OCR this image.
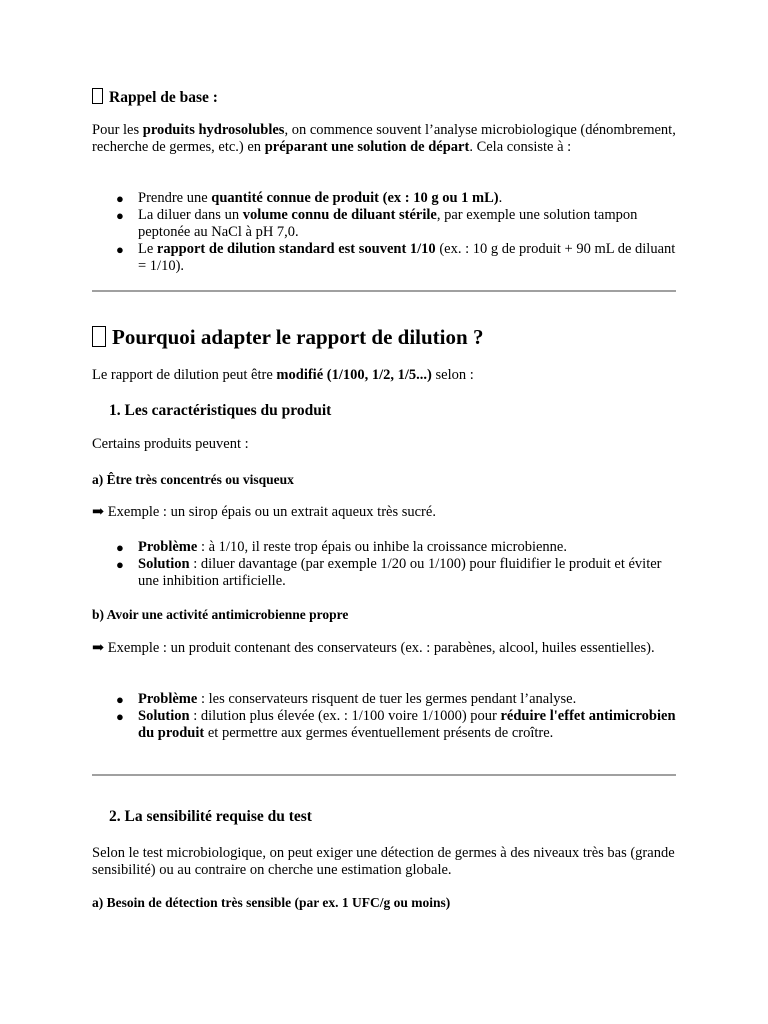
Rappel de base :

Pour les produits hydrosolubles, on commence souvent l’analyse microbiologique (dénombrement, recherche de germes, etc.) en préparant une solution de départ. Cela consiste à :

● Prendre une quantité connue de produit (ex : 10 g ou 1 mL).
● La diluer dans un volume connu de diluant stérile, par exemple une solution tampon peptonée au NaCl à pH 7,0.
● Le rapport de dilution standard est souvent 1/10 (ex. : 10 g de produit + 90 mL de diluant = 1/10).
Pourquoi adapter le rapport de dilution ?

Le rapport de dilution peut être modifié (1/100, 1/2, 1/5...) selon :

1. Les caractéristiques du produit

Certains produits peuvent :

a) Être très concentrés ou visqueux

➡ Exemple : un sirop épais ou un extrait aqueux très sucré.

● Problème : à 1/10, il reste trop épais ou inhibe la croissance microbienne.
● Solution : diluer davantage (par exemple 1/20 ou 1/100) pour fluidifier le produit et éviter une inhibition artificielle.
b) Avoir une activité antimicrobienne propre

➡ Exemple : un produit contenant des conservateurs (ex. : parabènes, alcool, huiles essentielles).

● Problème : les conservateurs risquent de tuer les germes pendant l’analyse.
● Solution : dilution plus élevée (ex. : 1/100 voire 1/1000) pour réduire l'effet antimicrobien du produit et permettre aux germes éventuellement présents de croître.
2. La sensibilité requise du test

Selon le test microbiologique, on peut exiger une détection de germes à des niveaux très bas (grande sensibilité) ou au contraire on cherche une estimation globale.

a) Besoin de détection très sensible (par ex. 1 UFC/g ou moins)
